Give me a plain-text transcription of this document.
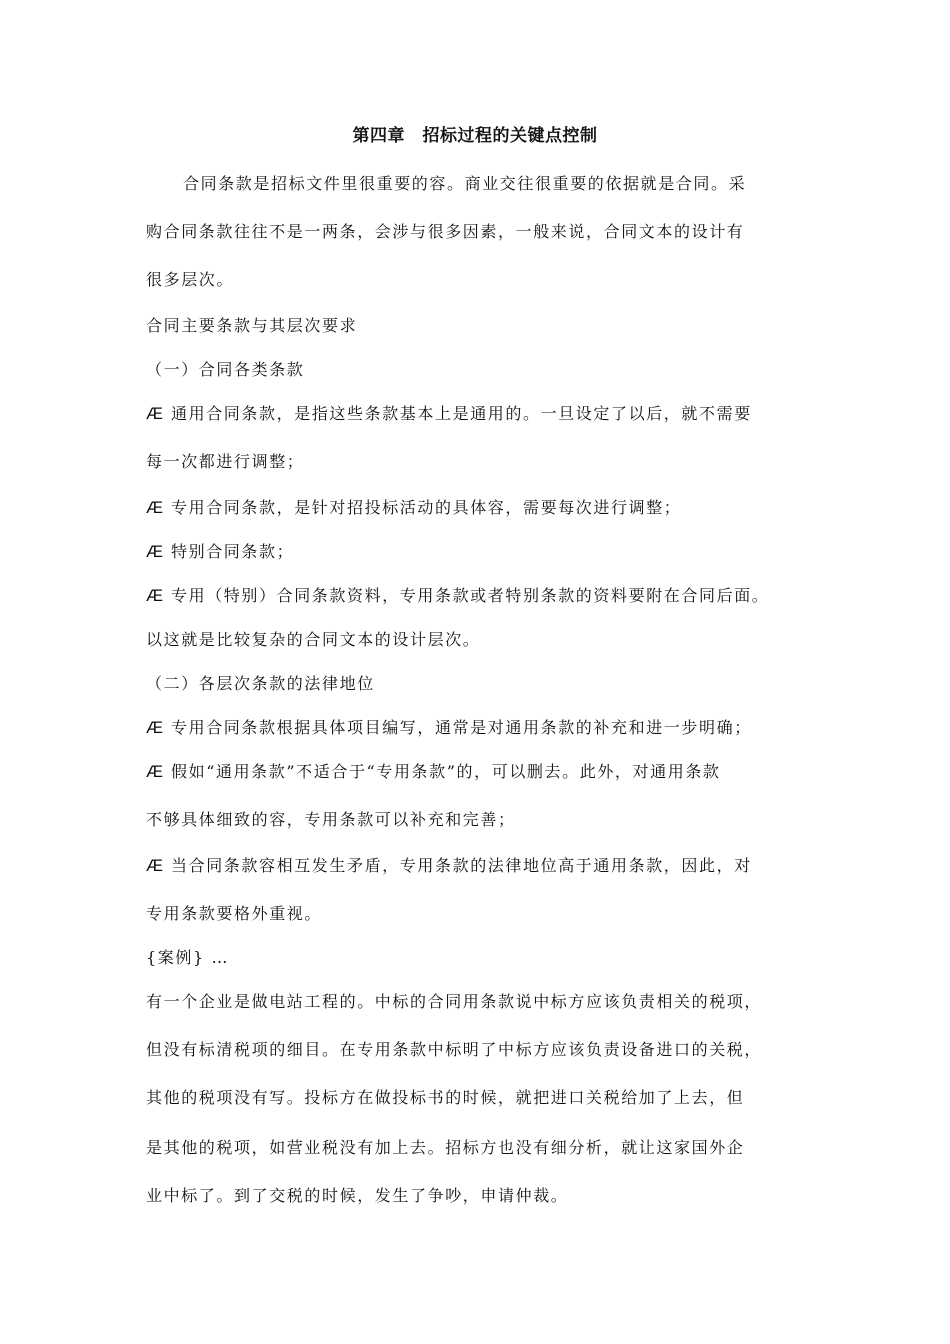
第四章　招标过程的关键点控制
合同条款是招标文件里很重要的容。商业交往很重要的依据就是合同。采
购合同条款往往不是一两条，会涉与很多因素，一般来说，合同文本的设计有
很多层次。
合同主要条款与其层次要求
（一）合同各类条款
Æ 通用合同条款，是指这些条款基本上是通用的。一旦设定了以后，就不需要
每一次都进行调整；
Æ 专用合同条款，是针对招投标活动的具体容，需要每次进行调整；
Æ 特别合同条款；
Æ 专用（特别）合同条款资料，专用条款或者特别条款的资料要附在合同后面。
以这就是比较复杂的合同文本的设计层次。
（二）各层次条款的法律地位
Æ 专用合同条款根据具体项目编写，通常是对通用条款的补充和进一步明确；
Æ 假如“通用条款”不适合于“专用条款”的，可以删去。此外，对通用条款
不够具体细致的容，专用条款可以补充和完善；
Æ 当合同条款容相互发生矛盾，专用条款的法律地位高于通用条款，因此，对
专用条款要格外重视。
{案例} …
有一个企业是做电站工程的。中标的合同用条款说中标方应该负责相关的税项，
但没有标清税项的细目。在专用条款中标明了中标方应该负责设备进口的关税，
其他的税项没有写。投标方在做投标书的时候，就把进口关税给加了上去，但
是其他的税项，如营业税没有加上去。招标方也没有细分析，就让这家国外企
业中标了。到了交税的时候，发生了争吵，申请仲裁。
